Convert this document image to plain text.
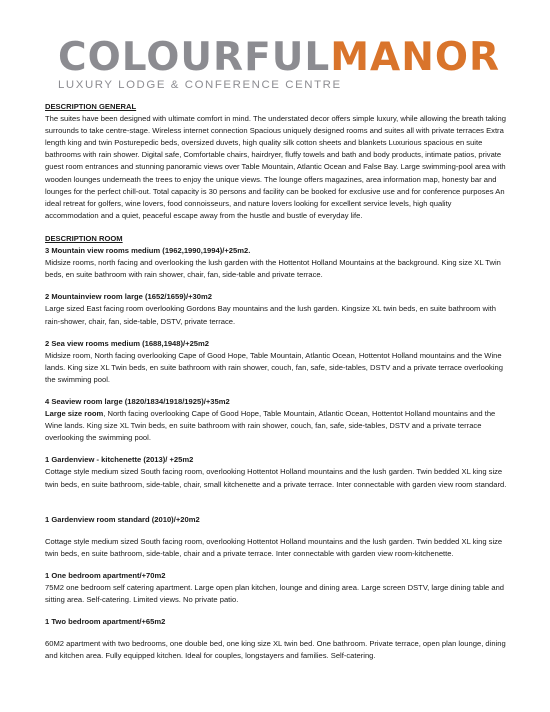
COLOURFULMANOR
LUXURY LODGE & CONFERENCE CENTRE
DESCRIPTION GENERAL

The suites have been designed with ultimate comfort in mind. The understated decor offers simple luxury, while allowing the breath taking surrounds to take centre-stage. Wireless internet connection Spacious uniquely designed rooms and suites all with private terraces Extra length king and twin Posturepedic beds, oversized duvets, high quality silk cotton sheets and blankets Luxurious spacious en suite bathrooms with rain shower. Digital safe, Comfortable chairs, hairdryer, fluffy towels and bath and body products, intimate patios, private guest room entrances and stunning panoramic views over Table Mountain, Atlantic Ocean and False Bay. Large swimming-pool area with wooden lounges underneath the trees to enjoy the unique views. The lounge offers magazines, area information map, honesty bar and lounges for the perfect chill-out. Total capacity is 30 persons and facility can be booked for exclusive use and for conference purposes An ideal retreat for golfers, wine lovers, food connoisseurs, and nature lovers looking for excellent service levels, high quality accommodation and a quiet, peaceful escape away from the hustle and bustle of everyday life.

DESCRIPTION ROOM
3 Mountain view rooms medium (1962,1990,1994)/+25m2.

Midsize rooms, north facing and overlooking the lush garden with the Hottentot Holland Mountains at the background. King size XL Twin beds, en suite bathroom with rain shower, chair, fan, side-table and private terrace.

2 Mountainview room large (1652/1659)/+30m2

Large sized East facing room overlooking Gordons Bay mountains and the lush garden. Kingsize XL twin beds, en suite bathroom with rain-shower, chair, fan, side-table, DSTV, private terrace.

2 Sea view rooms medium (1688,1948)/+25m2

Midsize room, North facing overlooking Cape of Good Hope, Table Mountain, Atlantic Ocean, Hottentot Holland mountains and the Wine lands. King size XL Twin beds, en suite bathroom with rain shower, couch, fan, safe, side-tables, DSTV and a private terrace overlooking the swimming pool.

4 Seaview room large (1820/1834/1918/1925)/+35m2

Large size room, North facing overlooking Cape of Good Hope, Table Mountain, Atlantic Ocean, Hottentot Holland mountains and the Wine lands. King size XL Twin beds, en suite bathroom with rain shower, couch, fan, safe, side-tables, DSTV and a private terrace overlooking the swimming pool.

1 Gardenview - kitchenette (2013)/ +25m2

Cottage style medium sized South facing room, overlooking Hottentot Holland mountains and the lush garden. Twin bedded XL king size twin beds, en suite bathroom, side-table, chair, small kitchenette and a private terrace. Inter connectable with garden view room standard.

1 Gardenview room standard (2010)/+20m2

Cottage style medium sized South facing room, overlooking Hottentot Holland mountains and the lush garden. Twin bedded XL king size twin beds, en suite bathroom, side-table, chair and a private terrace. Inter connectable with garden view room-kitchenette.

1 One bedroom apartment/+70m2

75M2 one bedroom self catering apartment. Large open plan kitchen, lounge and dining area. Large screen DSTV, large dining table and sitting area. Self-catering. Limited views. No private patio.

1 Two bedroom apartment/+65m2

60M2 apartment with two bedrooms, one double bed, one king size XL twin bed. One bathroom. Private terrace, open plan lounge, dining and kitchen area. Fully equipped kitchen. Ideal for couples, longstayers and families. Self-catering.
